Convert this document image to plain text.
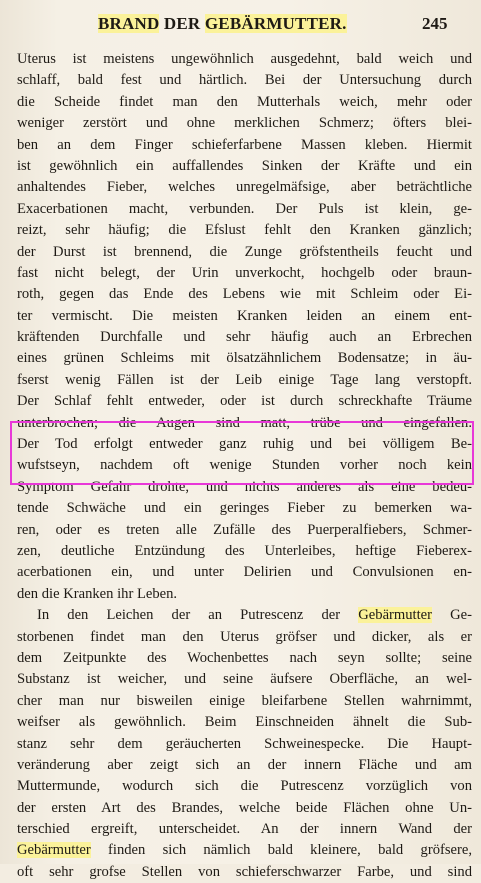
BRAND DER GEBÄRMUTTER.	245
Uterus ist meistens ungewöhnlich ausgedehnt, bald weich und
schlaff, bald fest und härtlich. Bei der Untersuchung durch
die Scheide findet man den Mutterhals weich, mehr oder
weniger zerstört und ohne merklichen Schmerz; öfters blei-
ben an dem Finger schieferfarbene Massen kleben. Hiermit
ist gewöhnlich ein auffallendes Sinken der Kräfte und ein
anhaltendes Fieber, welches unregelmäfsige, aber beträchtliche
Exacerbationen macht, verbunden. Der Puls ist klein, ge-
reizt, sehr häufig; die Efslust fehlt den Kranken gänzlich;
der Durst ist brennend, die Zunge gröfstentheils feucht und
fast nicht belegt, der Urin unverkocht, hochgelb oder braun-
roth, gegen das Ende des Lebens wie mit Schleim oder Ei-
ter vermischt. Die meisten Kranken leiden an einem ent-
kräftenden Durchfalle und sehr häufig auch an Erbrechen
eines grünen Schleims mit ölsatzähnlichem Bodensatze; in äu-
fserst wenig Fällen ist der Leib einige Tage lang verstopft.
Der Schlaf fehlt entweder, oder ist durch schreckhafte Träume
unterbrochen; die Augen sind matt, trübe und eingefallen.
Der Tod erfolgt entweder ganz ruhig und bei völligem Be-
wufstseyn, nachdem oft wenige Stunden vorher noch kein
Symptom Gefahr drohte, und nichts anderes als eine bedeu-
tende Schwäche und ein geringes Fieber zu bemerken wa-
ren, oder es treten alle Zufälle des Puerperalfiebers, Schmer-
zen, deutliche Entzündung des Unterleibes, heftige Fieberex-
acerbationen ein, und unter Delirien und Convulsionen en-
den die Kranken ihr Leben.
In den Leichen der an Putrescenz der Gebärmutter Ge-
storbenen findet man den Uterus gröfser und dicker, als er
dem Zeitpunkte des Wochenbettes nach seyn sollte; seine
Substanz ist weicher, und seine äufsere Oberfläche, an wel-
cher man nur bisweilen einige bleifarbene Stellen wahrnimmt,
weifser als gewöhnlich. Beim Einschneiden ähnelt die Sub-
stanz sehr dem geräucherten Schweinespecke. Die Haupt-
veränderung aber zeigt sich an der innern Fläche und am
Muttermunde, wodurch sich die Putrescenz vorzüglich von
der ersten Art des Brandes, welche beide Flächen ohne Un-
terschied ergreift, unterscheidet. An der innern Wand der
Gebärmutter finden sich nämlich bald kleinere, bald gröfsere,
oft sehr grofse Stellen von schieferschwarzer Farbe, und sind
